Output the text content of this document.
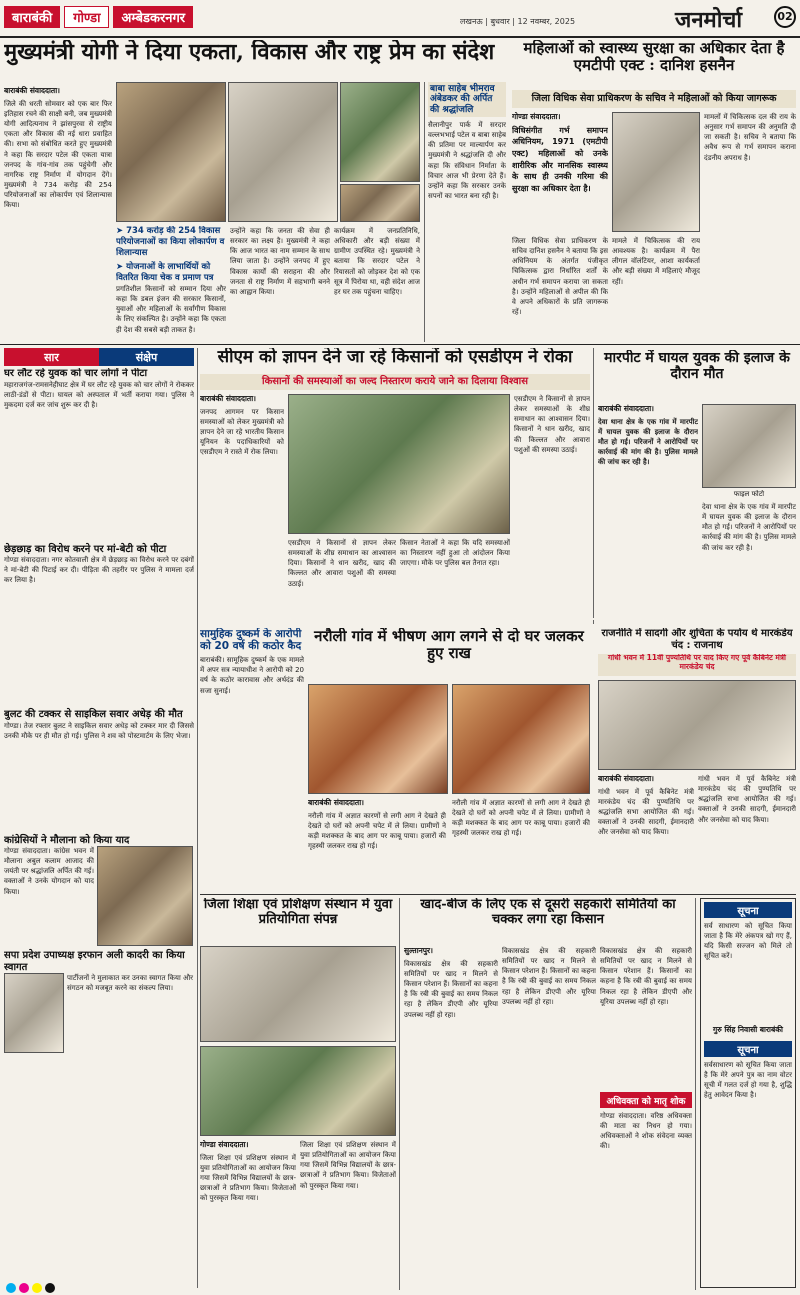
बाराबंकी	गोण्डा	अम्बेडकरनगर	लखनऊ | बुधवार | 12 नवम्बर, 2025	जनमोर्चा	02
मुख्यमंत्री योगी ने दिया एकता, विकास और राष्ट्र प्रेम का संदेश
बाराबंकी संवाददाता।

जिले की धरती सोमवार को एक बार फिर इतिहास रचने की साक्षी बनी, जब मुख्यमंत्री योगी आदित्यनाथ ने झांसपुरवा से राष्ट्रीय एकता और विकास की नई धारा प्रवाहित की। सभा को संबोधित करते हुए मुख्यमंत्री ने कहा कि सरदार पटेल की एकता यात्रा जनपद के गांव-गांव तक पहुंचेगी और नागरिक राष्ट्र निर्माण में योगदान देंगे। मुख्यमंत्री ने 734 करोड़ की 254 परियोजनाओं का लोकार्पण एवं शिलान्यास किया।

➤ 734 करोड़ की 254 विकास परियोजनाओं का किया लोकार्पण व शिलान्यास
➤ योजनाओं के लाभार्थियों को वितरित किया चेक व प्रमाण पत्र

प्रगतिशील किसानों को सम्मान दिया और कहा कि डबल इंजन की सरकार किसानों, युवाओं और महिलाओं के सर्वांगीण विकास के लिए संकल्पित है। उन्होंने कहा कि एकता ही देश की सबसे बड़ी ताकत है।

उन्होंने कहा कि जनता की सेवा ही सरकार का लक्ष्य है। मुख्यमंत्री ने कहा कि आज भारत का नाम सम्मान के साथ लिया जाता है। उन्होंने जनपद में हुए विकास कार्यों की सराहना की और जनता से राष्ट्र निर्माण में सहभागी बनने का आह्वान किया।

कार्यक्रम में जनप्रतिनिधि, अधिकारी और बड़ी संख्या में ग्रामीण उपस्थित रहे। मुख्यमंत्री ने बताया कि सरदार पटेल ने रियासतों को जोड़कर देश को एक सूत्र में पिरोया था, वही संदेश आज हर घर तक पहुंचना चाहिए।

बाबा साहेब भीमराव अंबेडकर की अर्पित की श्रद्धांजलि
सैलानीपुर पार्क में सरदार वल्लभभाई पटेल व बाबा साहेब की प्रतिमा पर माल्यार्पण कर मुख्यमंत्री ने श्रद्धांजलि दी और कहा कि संविधान निर्माता के विचार आज भी प्रेरणा देते हैं। उन्होंने कहा कि सरकार उनके सपनों का भारत बना रही है।
महिलाओं को स्वास्थ्य सुरक्षा का अधिकार देता है एमटीपी एक्ट : दानिश हसनैन
जिला विधिक सेवा प्राधिकरण के सचिव ने महिलाओं को किया जागरूक
गोण्डा संवाददाता।

विधिसंगीत गर्भ समापन अधिनियम, 1971 (एमटीपी एक्ट) महिलाओं को उनके शारीरिक और मानसिक स्वास्थ्य के साथ ही उनकी गरिमा की सुरक्षा का अधिकार देता है।

जिला विधिक सेवा प्राधिकरण के सचिव दानिश हसनैन ने बताया कि इस अधिनियम के अंतर्गत पंजीकृत चिकित्सक द्वारा निर्धारित शर्तों के अधीन गर्भ समापन कराया जा सकता है। उन्होंने महिलाओं से अपील की कि वे अपने अधिकारों के प्रति जागरूक रहें।

मामले में चिकित्सक की राय आवश्यक है। कार्यक्रम में पैरा लीगल वॉलंटियर, आशा कार्यकर्ता और बड़ी संख्या में महिलाएं मौजूद रहीं।

मामलों में चिकित्सक दल की राय के अनुसार गर्भ समापन की अनुमति दी जा सकती है। सचिव ने बताया कि अवैध रूप से गर्भ समापन कराना दंडनीय अपराध है।

सार	संक्षेप
घर लौट रहे युवक को चार लोगों ने पीटा
महाराजगंज-रामसनेहीघाट क्षेत्र में घर लौट रहे युवक को चार लोगों ने रोककर लाठी-डंडों से पीटा। घायल को अस्पताल में भर्ती कराया गया। पुलिस ने मुकदमा दर्ज कर जांच शुरू कर दी है।
छेड़छाड़ का विरोध करने पर मां-बेटी को पीटा
गोण्डा संवाददाता। नगर कोतवाली क्षेत्र में छेड़छाड़ का विरोध करने पर दबंगों ने मां-बेटी की पिटाई कर दी। पीड़िता की तहरीर पर पुलिस ने मामला दर्ज कर लिया है।
बुलट की टक्कर से साइकिल सवार अधेड़ की मौत
गोण्डा। तेज रफ्तार बुलट ने साइकिल सवार अधेड़ को टक्कर मार दी जिससे उनकी मौके पर ही मौत हो गई। पुलिस ने शव को पोस्टमार्टम के लिए भेजा।
कांग्रेसियों ने मौलाना को किया याद
गोण्डा संवाददाता। कांग्रेस भवन में मौलाना अबुल कलाम आजाद की जयंती पर श्रद्धांजलि अर्पित की गई। वक्ताओं ने उनके योगदान को याद किया।
सपा प्रदेश उपाध्यक्ष इरफान अली कादरी का किया स्वागत
पार्टीजनों ने मुलाकात कर उनका स्वागत किया और संगठन को मजबूत करने का संकल्प लिया।
सीएम को ज्ञापन देने जा रहे किसानों को एसडीएम ने रोका
किसानों की समस्याओं का जल्द निस्तारण कराये जाने का दिलाया विश्वास
बाराबंकी संवाददाता।

जनपद आगमन पर किसान समस्याओं को लेकर मुख्यमंत्री को ज्ञापन देने जा रहे भारतीय किसान यूनियन के पदाधिकारियों को एसडीएम ने रास्ते में रोक लिया।

एसडीएम ने किसानों से ज्ञापन लेकर समस्याओं के शीघ्र समाधान का आश्वासन दिया। किसानों ने धान खरीद, खाद की किल्लत और आवारा पशुओं की समस्या उठाई।

किसान नेताओं ने कहा कि यदि समस्याओं का निस्तारण नहीं हुआ तो आंदोलन किया जाएगा। मौके पर पुलिस बल तैनात रहा।

एसडीएम ने किसानों से ज्ञापन लेकर समस्याओं के शीघ्र समाधान का आश्वासन दिया। किसानों ने धान खरीद, खाद की किल्लत और आवारा पशुओं की समस्या उठाई।

मारपीट में घायल युवक की इलाज के दौरान मौत
बाराबंकी संवाददाता।

देवा थाना क्षेत्र के एक गांव में मारपीट में घायल युवक की इलाज के दौरान मौत हो गई। परिजनों ने आरोपियों पर कार्रवाई की मांग की है। पुलिस मामले की जांच कर रही है।

फाइल फोटो

देवा थाना क्षेत्र के एक गांव में मारपीट में घायल युवक की इलाज के दौरान मौत हो गई। परिजनों ने आरोपियों पर कार्रवाई की मांग की है। पुलिस मामले की जांच कर रही है।

सामुहिक दुष्कर्म के आरोपी को 20 वर्ष की कठोर कैद
बाराबंकी। सामूहिक दुष्कर्म के एक मामले में अपर सत्र न्यायाधीश ने आरोपी को 20 वर्ष के कठोर कारावास और अर्थदंड की सजा सुनाई।
नरौली गांव में भीषण आग लगने से दो घर जलकर हुए राख
बाराबंकी संवाददाता।

नरौली गांव में अज्ञात कारणों से लगी आग ने देखते ही देखते दो घरों को अपनी चपेट में ले लिया। ग्रामीणों ने कड़ी मशक्कत के बाद आग पर काबू पाया। हजारों की गृहस्थी जलकर राख हो गई।

नरौली गांव में अज्ञात कारणों से लगी आग ने देखते ही देखते दो घरों को अपनी चपेट में ले लिया। ग्रामीणों ने कड़ी मशक्कत के बाद आग पर काबू पाया। हजारों की गृहस्थी जलकर राख हो गई।

राजनीति में सादगी और शुचिता के पर्याय थे मारकंडेय चंद : राजनाथ
गांधी भवन में 11वीं पुण्यतिथि पर याद किए गए पूर्व कैबिनेट मंत्री मारकंडेय चंद
बाराबंकी संवाददाता।

गांधी भवन में पूर्व कैबिनेट मंत्री मारकंडेय चंद की पुण्यतिथि पर श्रद्धांजलि सभा आयोजित की गई। वक्ताओं ने उनकी सादगी, ईमानदारी और जनसेवा को याद किया।

गांधी भवन में पूर्व कैबिनेट मंत्री मारकंडेय चंद की पुण्यतिथि पर श्रद्धांजलि सभा आयोजित की गई। वक्ताओं ने उनकी सादगी, ईमानदारी और जनसेवा को याद किया।

जिला शिक्षा एवं प्रशिक्षण संस्थान में युवा प्रतियोगिता संपन्न
गोण्डा संवाददाता।

जिला शिक्षा एवं प्रशिक्षण संस्थान में युवा प्रतियोगिताओं का आयोजन किया गया जिसमें विभिन्न विद्यालयों के छात्र-छात्राओं ने प्रतिभाग किया। विजेताओं को पुरस्कृत किया गया।

जिला शिक्षा एवं प्रशिक्षण संस्थान में युवा प्रतियोगिताओं का आयोजन किया गया जिसमें विभिन्न विद्यालयों के छात्र-छात्राओं ने प्रतिभाग किया। विजेताओं को पुरस्कृत किया गया।

खाद-बीज के लिए एक से दूसरी सहकारी समितियों का चक्कर लगा रहा किसान
सुल्तानपुर।

विकासखंड क्षेत्र की सहकारी समितियों पर खाद न मिलने से किसान परेशान हैं। किसानों का कहना है कि रबी की बुवाई का समय निकल रहा है लेकिन डीएपी और यूरिया उपलब्ध नहीं हो रहा।

विकासखंड क्षेत्र की सहकारी समितियों पर खाद न मिलने से किसान परेशान हैं। किसानों का कहना है कि रबी की बुवाई का समय निकल रहा है लेकिन डीएपी और यूरिया उपलब्ध नहीं हो रहा।

विकासखंड क्षेत्र की सहकारी समितियों पर खाद न मिलने से किसान परेशान हैं। किसानों का कहना है कि रबी की बुवाई का समय निकल रहा है लेकिन डीएपी और यूरिया उपलब्ध नहीं हो रहा।

अधिवक्ता को मातृ शोक
गोण्डा संवाददाता। वरिष्ठ अधिवक्ता की माता का निधन हो गया। अधिवक्ताओं ने शोक संवेदना व्यक्त की।
सूचना
सर्व साधारण को सूचित किया जाता है कि मेरे अंकपत्र खो गए हैं, यदि किसी सज्जन को मिले तो सूचित करें।
गुरु सिंह निवासी बाराबंकी
सूचना
सर्वसाधारण को सूचित किया जाता है कि मेरे अपने पुत्र का नाम वोटर सूची में गलत दर्ज हो गया है, शुद्धि हेतु आवेदन किया है।
